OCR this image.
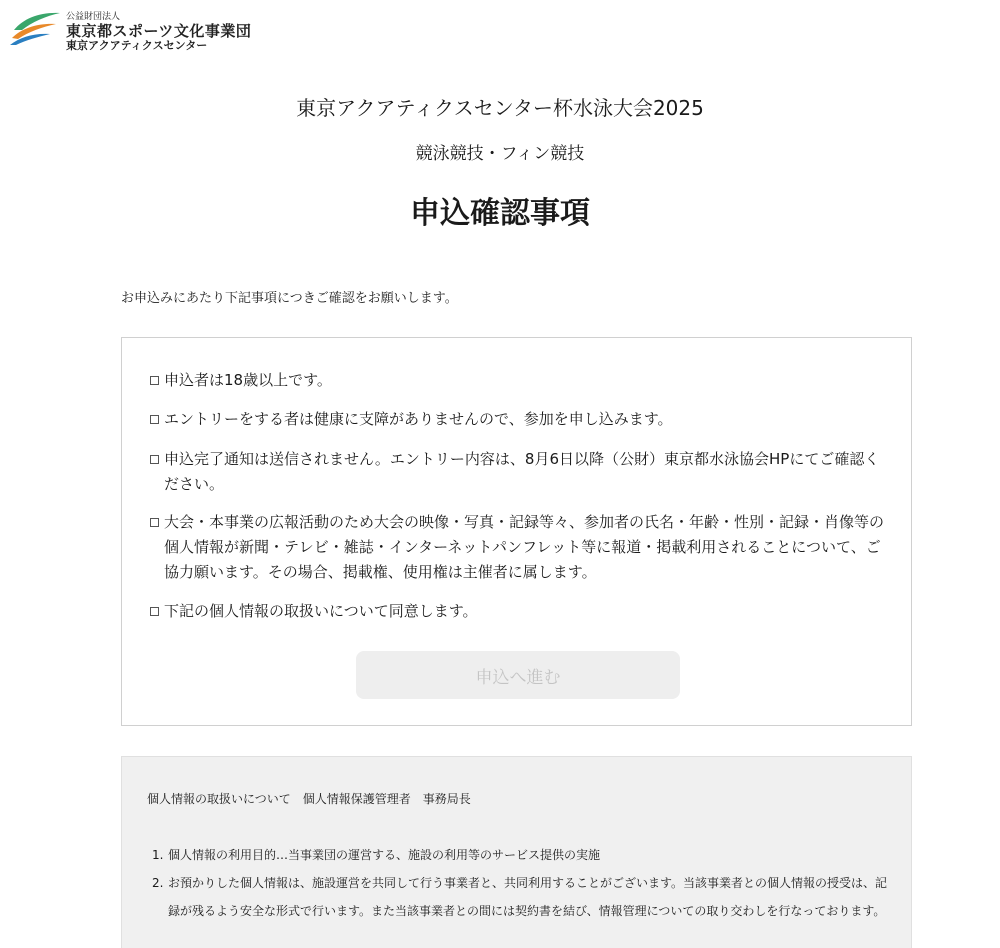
公益財団法人
東京都スポーツ文化事業団
東京アクアティクスセンター
東京アクアティクスセンター杯水泳大会2025
競泳競技・フィン競技
申込確認事項
お申込みにあたり下記事項につきご確認をお願いします。
申込者は18歳以上です。
エントリーをする者は健康に支障がありませんので、参加を申し込みます。
申込完了通知は送信されません。エントリー内容は、8月6日以降（公財）東京都水泳協会HPにてご確認ください。
大会・本事業の広報活動のため大会の映像・写真・記録等々、参加者の氏名・年齢・性別・記録・肖像等の個人情報が新聞・テレビ・雑誌・インターネットパンフレット等に報道・掲載利用されることについて、ご協力願います。その場合、掲載権、使用権は主催者に属します。
下記の個人情報の取扱いについて同意します。
申込へ進む
個人情報の取扱いについて　個人情報保護管理者　事務局長
1. 個人情報の利用目的…当事業団の運営する、施設の利用等のサービス提供の実施
2. お預かりした個人情報は、施設運営を共同して行う事業者と、共同利用することがございます。当該事業者との個人情報の授受は、記録が残るよう安全な形式で行います。また当該事業者との間には契約書を結び、情報管理についての取り交わしを行なっております。
